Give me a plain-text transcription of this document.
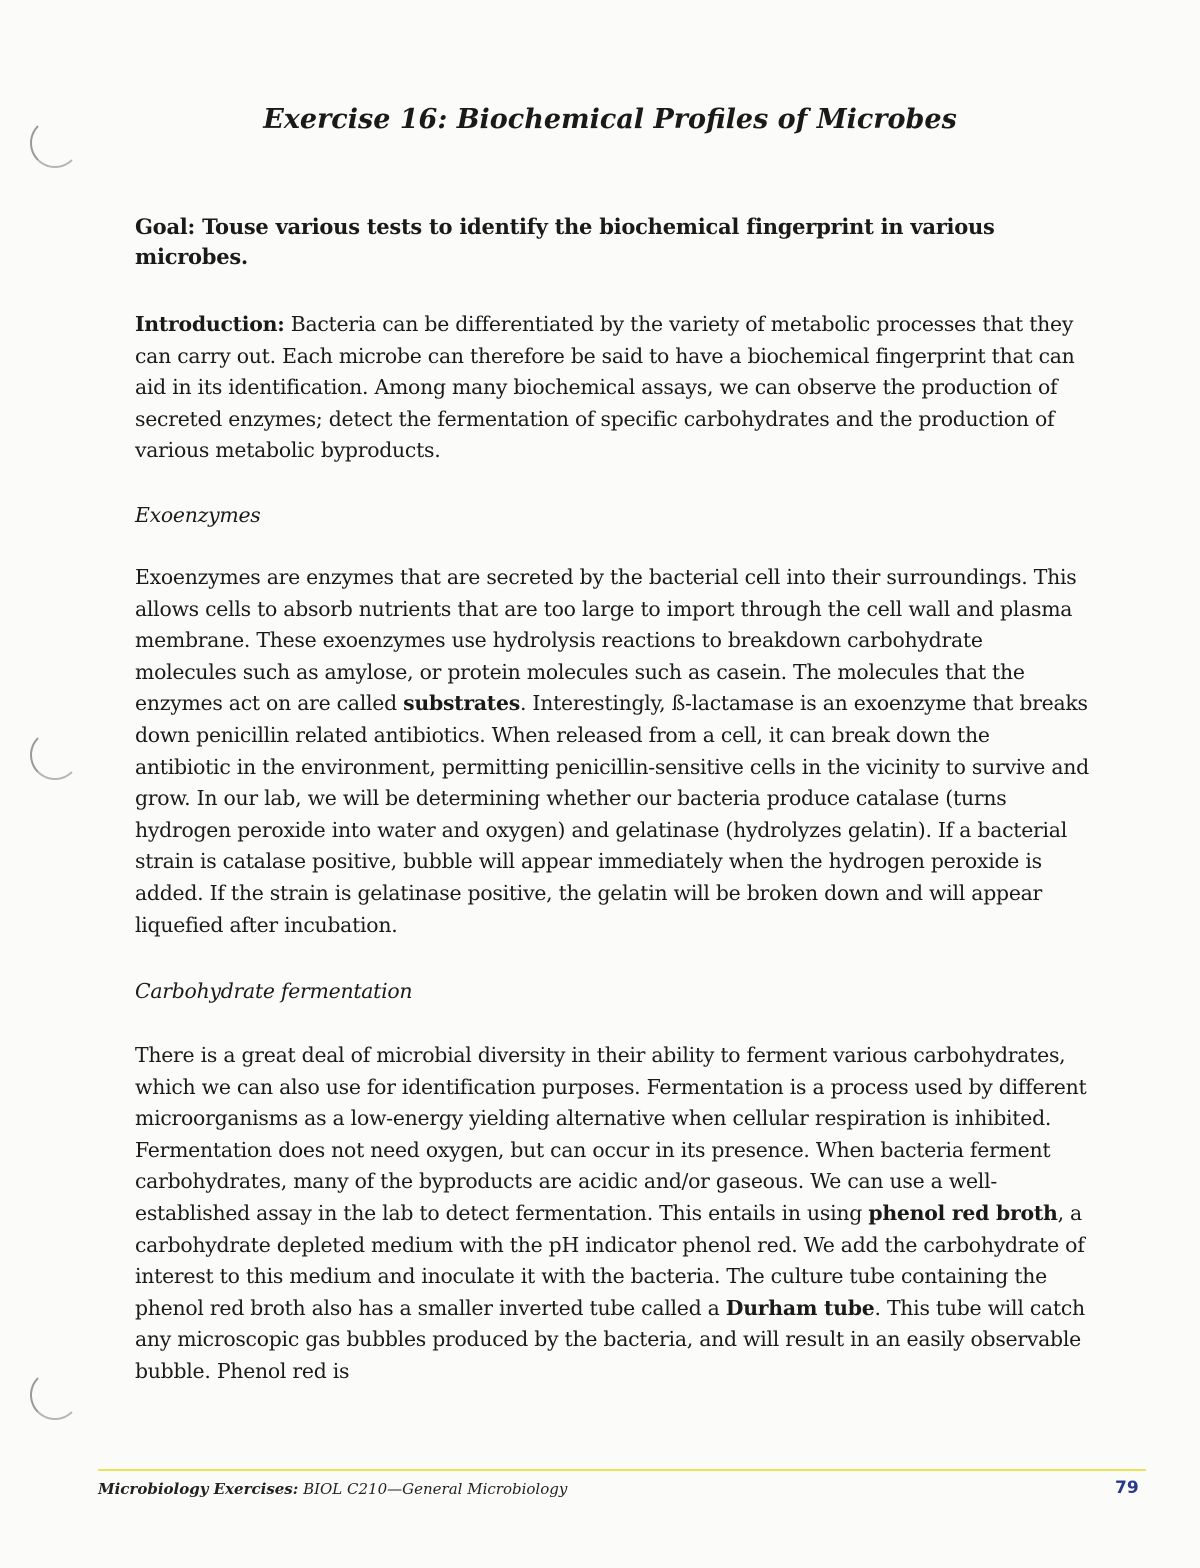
Exercise 16: Biochemical Profiles of Microbes

Goal: Touse various tests to identify the biochemical fingerprint in various microbes.

Introduction: Bacteria can be differentiated by the variety of metabolic processes that they can carry out. Each microbe can therefore be said to have a biochemical fingerprint that can aid in its identification. Among many biochemical assays, we can observe the production of secreted enzymes; detect the fermentation of specific carbohydrates and the production of various metabolic byproducts.

Exoenzymes

Exoenzymes are enzymes that are secreted by the bacterial cell into their surroundings. This allows cells to absorb nutrients that are too large to import through the cell wall and plasma membrane. These exoenzymes use hydrolysis reactions to breakdown carbohydrate molecules such as amylose, or protein molecules such as casein. The molecules that the enzymes act on are called substrates. Interestingly, ß-lactamase is an exoenzyme that breaks down penicillin related antibiotics. When released from a cell, it can break down the antibiotic in the environment, permitting penicillin-sensitive cells in the vicinity to survive and grow. In our lab, we will be determining whether our bacteria produce catalase (turns hydrogen peroxide into water and oxygen) and gelatinase (hydrolyzes gelatin). If a bacterial strain is catalase positive, bubble will appear immediately when the hydrogen peroxide is added. If the strain is gelatinase positive, the gelatin will be broken down and will appear liquefied after incubation.

Carbohydrate fermentation

There is a great deal of microbial diversity in their ability to ferment various carbohydrates, which we can also use for identification purposes. Fermentation is a process used by different microorganisms as a low-energy yielding alternative when cellular respiration is inhibited. Fermentation does not need oxygen, but can occur in its presence. When bacteria ferment carbohydrates, many of the byproducts are acidic and/or gaseous. We can use a well-established assay in the lab to detect fermentation. This entails in using phenol red broth, a carbohydrate depleted medium with the pH indicator phenol red. We add the carbohydrate of interest to this medium and inoculate it with the bacteria. The culture tube containing the phenol red broth also has a smaller inverted tube called a Durham tube. This tube will catch any microscopic gas bubbles produced by the bacteria, and will result in an easily observable bubble. Phenol red is

Microbiology Exercises: BIOL C210—General Microbiology	79
